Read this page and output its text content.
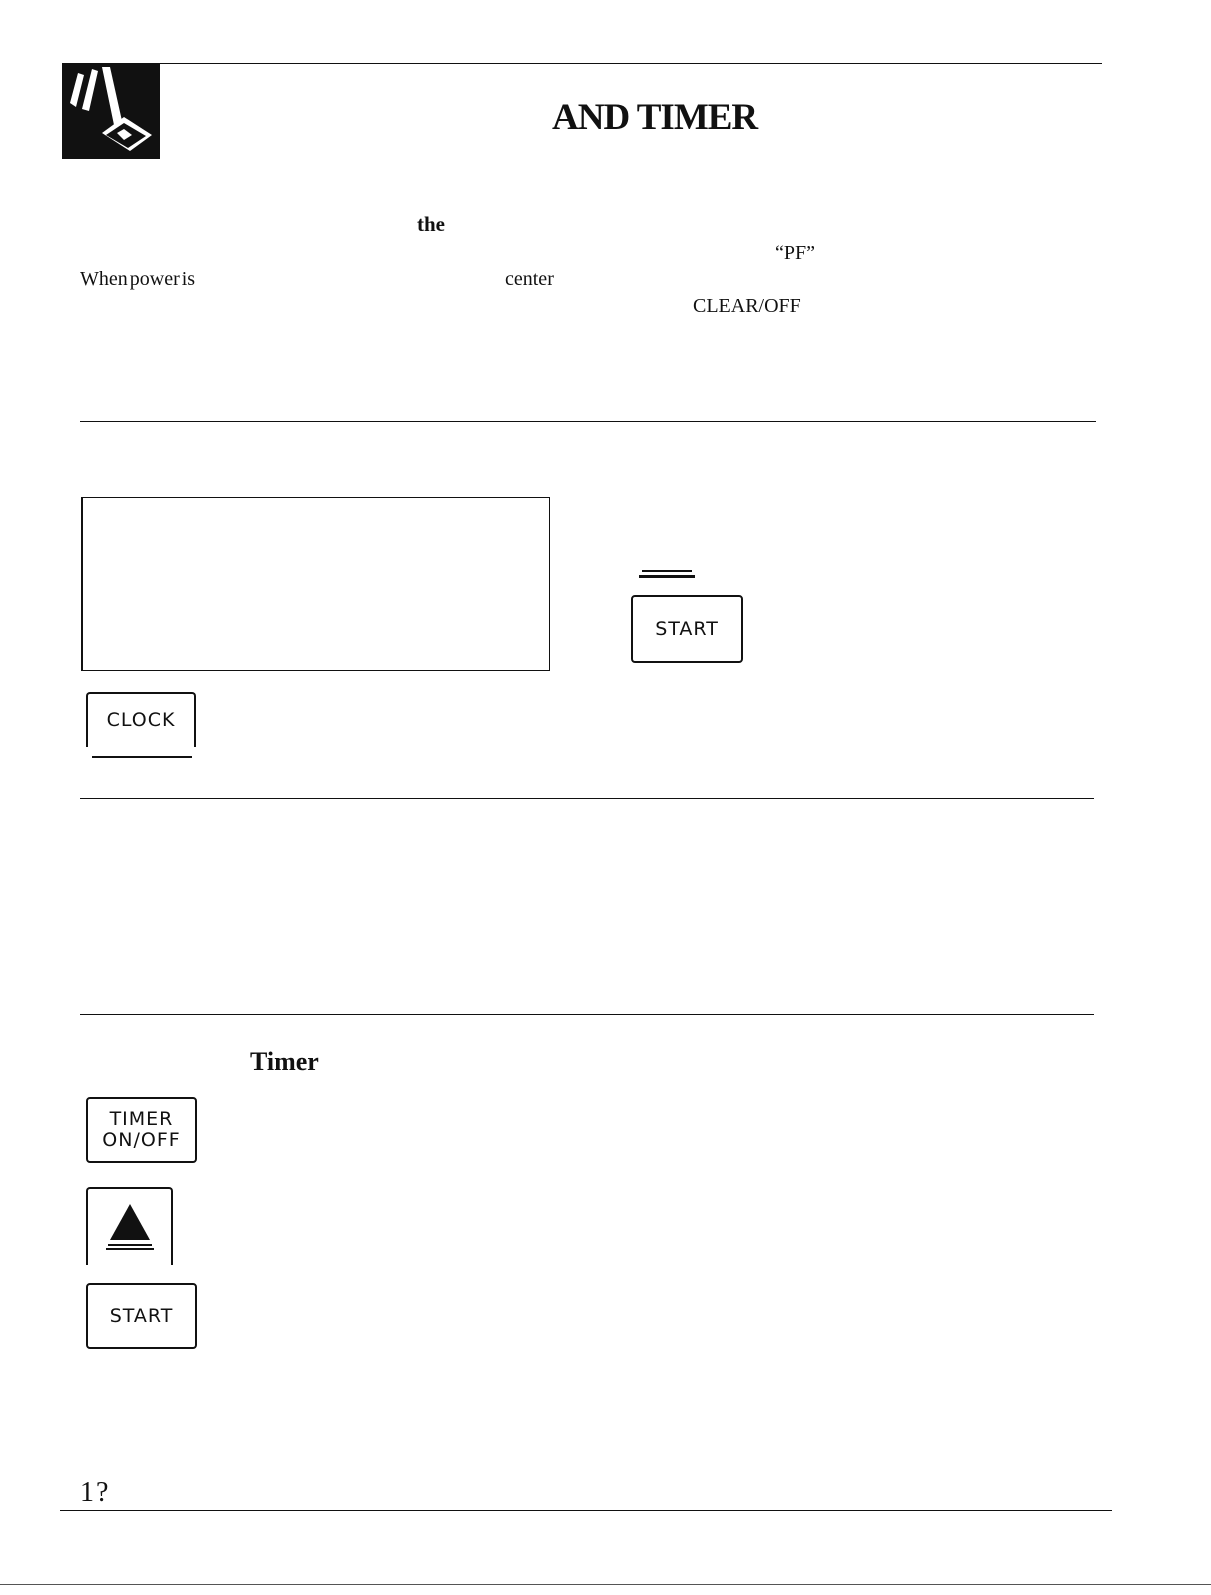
AND TIMER
the
“PF”
When power is	center
CLEAR/OFF
CLOCK
START
Timer
TIMER
ON/OFF
START
1?
